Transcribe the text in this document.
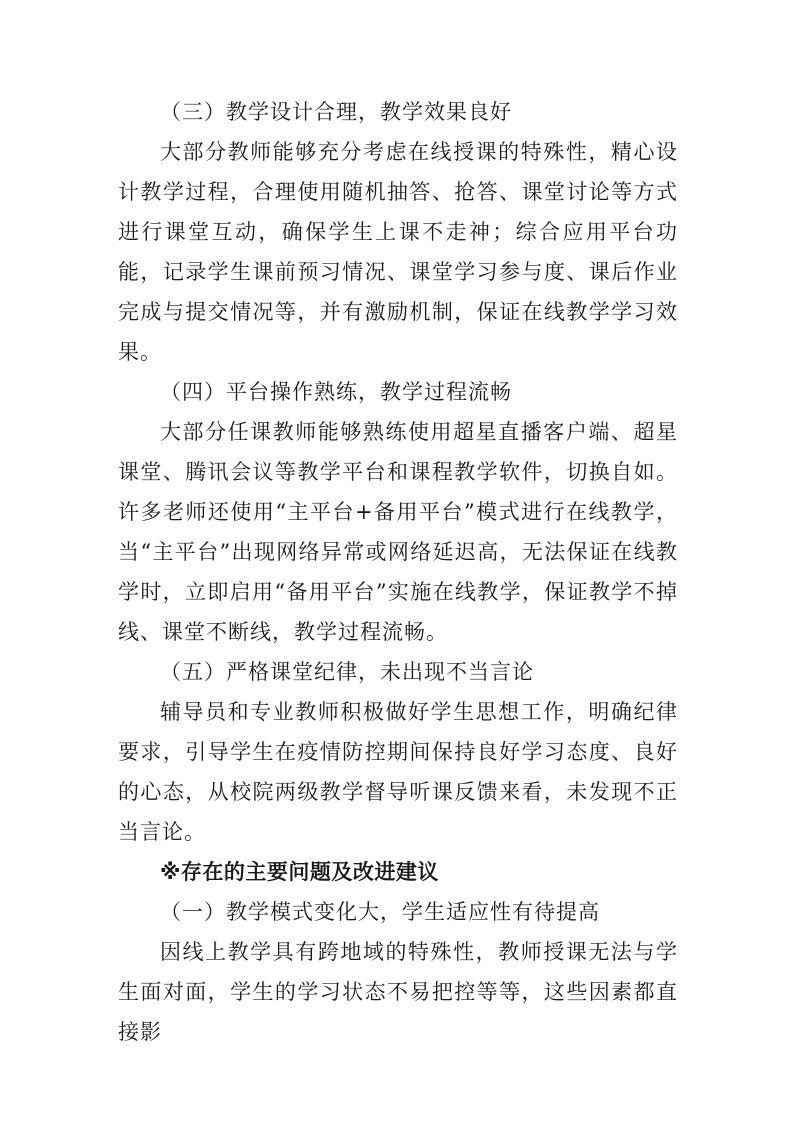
（三）教学设计合理，教学效果良好

大部分教师能够充分考虑在线授课的特殊性，精心设计教学过程，合理使用随机抽答、抢答、课堂讨论等方式进行课堂互动，确保学生上课不走神；综合应用平台功能，记录学生课前预习情况、课堂学习参与度、课后作业完成与提交情况等，并有激励机制，保证在线教学学习效果。

（四）平台操作熟练，教学过程流畅

大部分任课教师能够熟练使用超星直播客户端、超星课堂、腾讯会议等教学平台和课程教学软件，切换自如。许多老师还使用“主平台+备用平台”模式进行在线教学，当“主平台”出现网络异常或网络延迟高，无法保证在线教学时，立即启用“备用平台”实施在线教学，保证教学不掉线、课堂不断线，教学过程流畅。

（五）严格课堂纪律，未出现不当言论

辅导员和专业教师积极做好学生思想工作，明确纪律要求，引导学生在疫情防控期间保持良好学习态度、良好的心态，从校院两级教学督导听课反馈来看，未发现不正当言论。

※存在的主要问题及改进建议

（一）教学模式变化大，学生适应性有待提高

因线上教学具有跨地域的特殊性，教师授课无法与学生面对面，学生的学习状态不易把控等等，这些因素都直接影
